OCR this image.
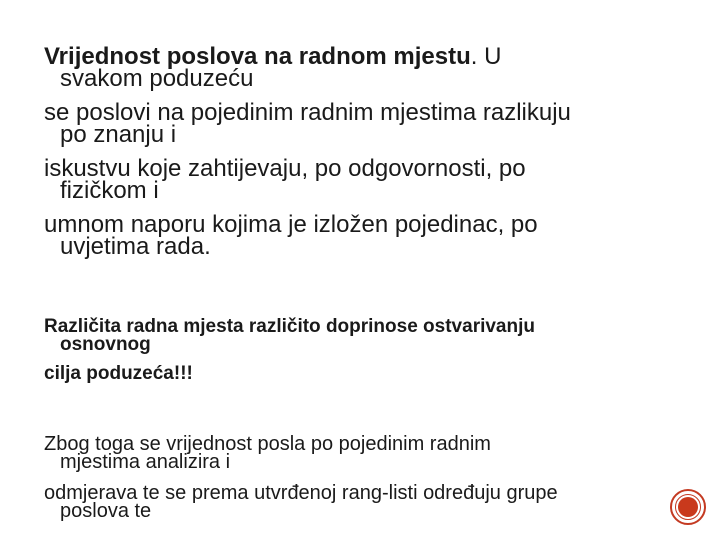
Vrijednost poslova na radnom mjestu. U
svakom poduzeću
se poslovi na pojedinim radnim mjestima razlikuju
po znanju i
iskustvu koje zahtijevaju, po odgovornosti, po
fizičkom i
umnom naporu kojima je izložen pojedinac, po
uvjetima rada.
Različita radna mjesta različito doprinose ostvarivanju
osnovnog
cilja poduzeća!!!
Zbog toga se vrijednost posla po pojedinim radnim
mjestima analizira i
odmjerava te se prema utvrđenoj rang-listi određuju grupe
poslova te
